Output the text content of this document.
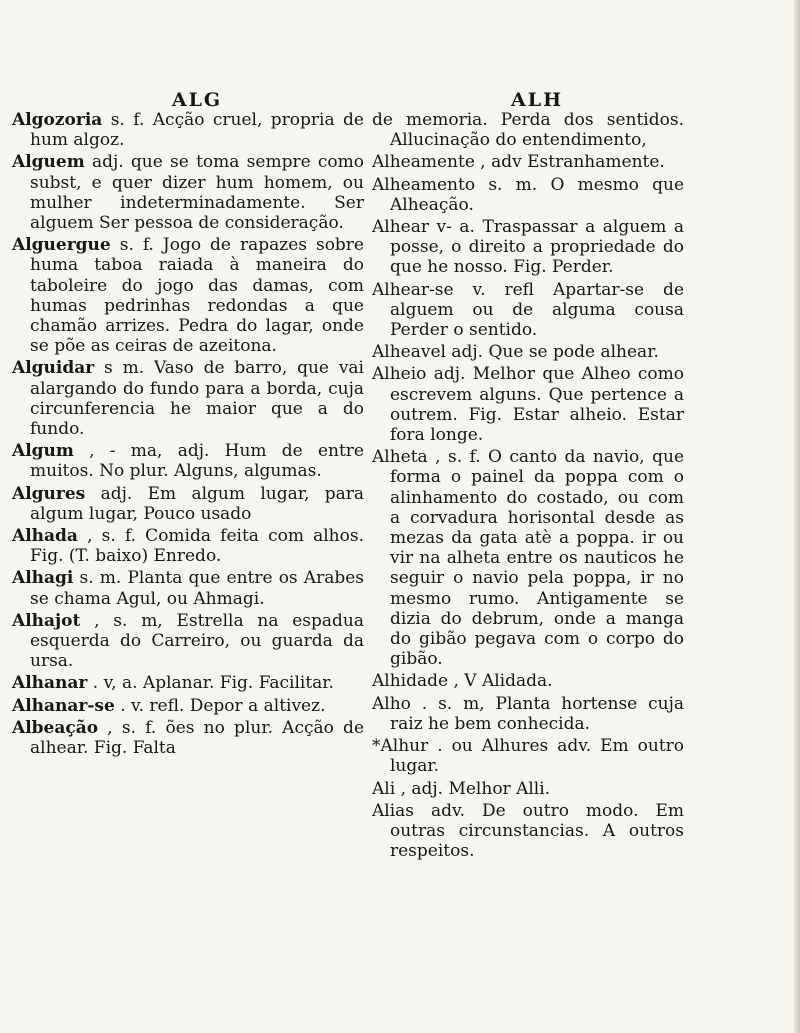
ALG

Algozoria s. f. Acção cruel, propria de hum algoz.

Alguem adj. que se toma sempre como subst, e quer dizer hum homem, ou mulher indeterminadamente. Ser alguem Ser pessoa de consideração.

Alguergue s. f. Jogo de rapazes sobre huma taboa raiada à maneira do taboleire do jogo das damas, com humas pedrinhas redondas a que chamão arrizes. Pedra do lagar, onde se põe as ceiras de azeitona.

Alguidar s m. Vaso de barro, que vai alargando do fundo para a borda, cuja circunferencia he maior que a do fundo.

Algum , - ma, adj. Hum de entre muitos. No plur. Alguns, algumas.

Algures adj. Em algum lugar, para algum lugar, Pouco usado

Alhada , s. f. Comida feita com alhos. Fig. (T. baixo) Enredo.

Alhagi s. m. Planta que entre os Arabes se chama Agul, ou Ahmagi.

Alhajot , s. m, Estrella na espadua esquerda do Carreiro, ou guarda da ursa.

Alhanar . v, a. Aplanar. Fig. Facilitar.

Alhanar-se . v. refl. Depor a altivez.

Albeação , s. f. ões no plur. Acção de alhear. Fig. Falta

ALH

de memoria. Perda dos sentidos. Allucinação do entendimento,

Alheamente , adv Estranhamente.

Alheamento s. m. O mesmo que Alheação.

Alhear v- a. Traspassar a alguem a posse, o direito a propriedade do que he nosso. Fig. Perder.

Alhear-se v. refl Apartar-se de alguem ou de alguma cousa Perder o sentido.

Alheavel adj. Que se pode alhear.

Alheio adj. Melhor que Alheo como escrevem alguns. Que pertence a outrem. Fig. Estar alheio. Estar fora longe.

Alheta , s. f. O canto da navio, que forma o painel da poppa com o alinhamento do costado, ou com a corvadura horisontal desde as mezas da gata atè a poppa. ir ou vir na alheta entre os nauticos he seguir o navio pela poppa, ir no mesmo rumo. Antigamente se dizia do debrum, onde a manga do gibão pegava com o corpo do gibão.

Alhidade , V Alidada.

Alho . s. m, Planta hortense cuja raiz he bem conhecida.

*Alhur . ou Alhures adv. Em outro lugar.

Ali , adj. Melhor Alli.

Alias adv. De outro modo. Em outras circunstancias. A outros respeitos.
